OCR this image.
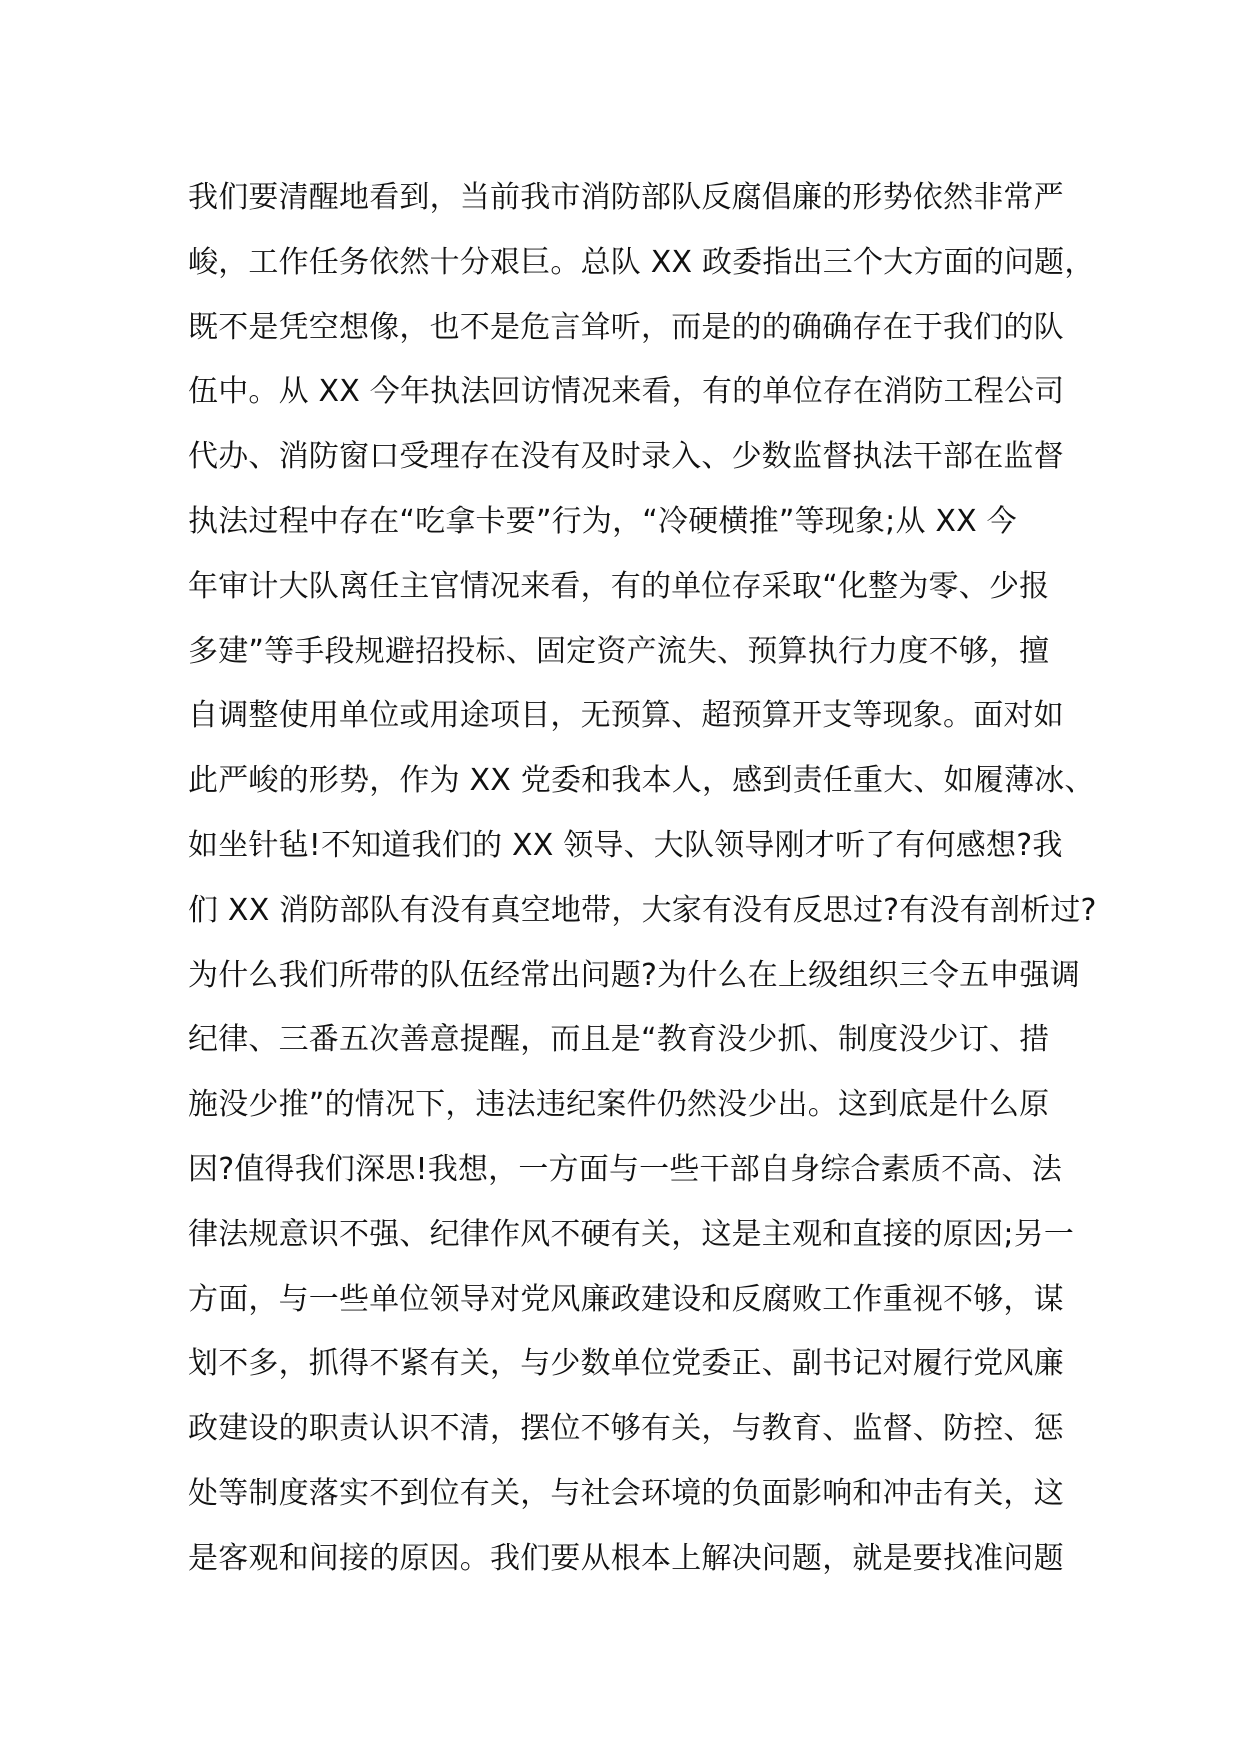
我们要清醒地看到，当前我市消防部队反腐倡廉的形势依然非常严
峻，工作任务依然十分艰巨。总队 XX 政委指出三个大方面的问题，
既不是凭空想像，也不是危言耸听，而是的的确确存在于我们的队
伍中。从 XX 今年执法回访情况来看，有的单位存在消防工程公司
代办、消防窗口受理存在没有及时录入、少数监督执法干部在监督
执法过程中存在“吃拿卡要”行为，“冷硬横推”等现象;从 XX 今
年审计大队离任主官情况来看，有的单位存采取“化整为零、少报
多建”等手段规避招投标、固定资产流失、预算执行力度不够，擅
自调整使用单位或用途项目，无预算、超预算开支等现象。面对如
此严峻的形势，作为 XX 党委和我本人，感到责任重大、如履薄冰、
如坐针毡!不知道我们的 XX 领导、大队领导刚才听了有何感想?我
们 XX 消防部队有没有真空地带，大家有没有反思过?有没有剖析过?
为什么我们所带的队伍经常出问题?为什么在上级组织三令五申强调
纪律、三番五次善意提醒，而且是“教育没少抓、制度没少订、措
施没少推”的情况下，违法违纪案件仍然没少出。这到底是什么原
因?值得我们深思!我想，一方面与一些干部自身综合素质不高、法
律法规意识不强、纪律作风不硬有关，这是主观和直接的原因;另一
方面，与一些单位领导对党风廉政建设和反腐败工作重视不够，谋
划不多，抓得不紧有关，与少数单位党委正、副书记对履行党风廉
政建设的职责认识不清，摆位不够有关，与教育、监督、防控、惩
处等制度落实不到位有关，与社会环境的负面影响和冲击有关，这
是客观和间接的原因。我们要从根本上解决问题，就是要找准问题
